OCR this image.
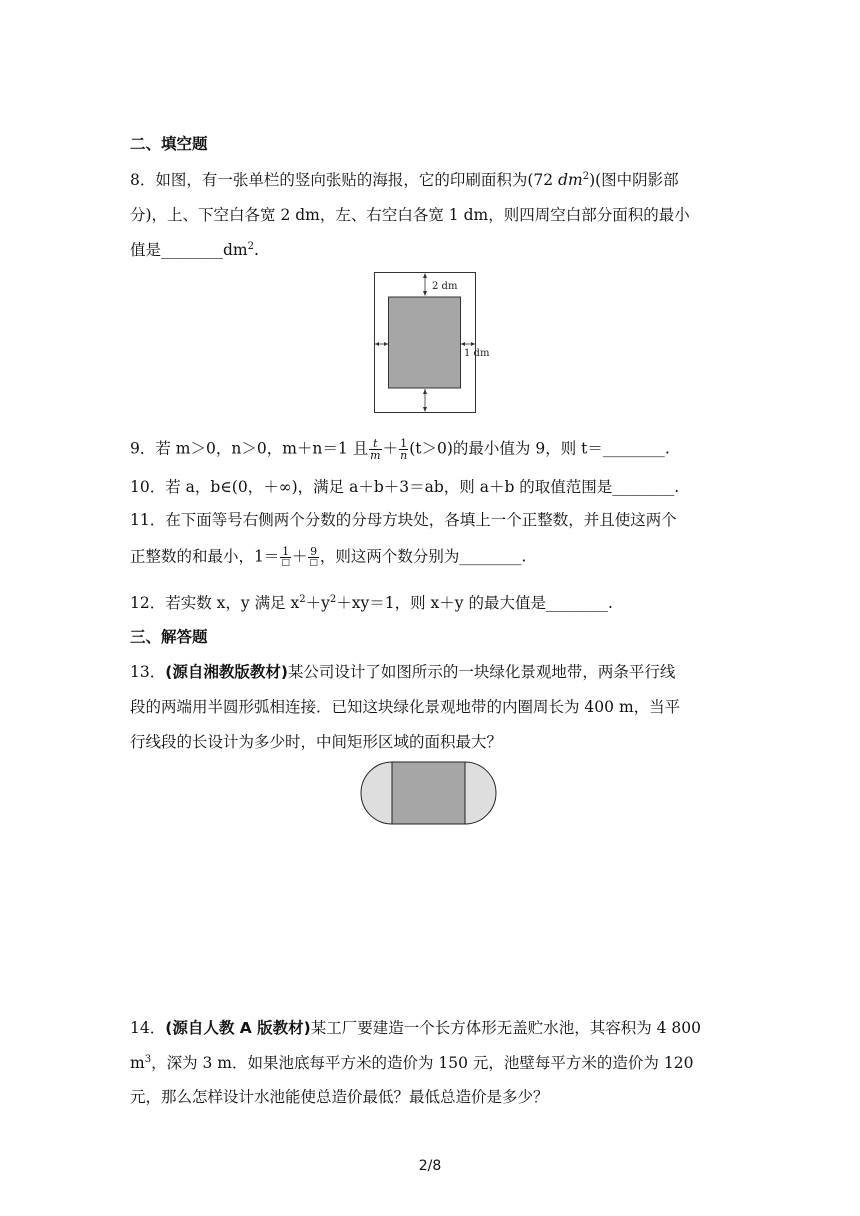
二、填空题
8．如图，有一张单栏的竖向张贴的海报，它的印刷面积为(72 $dm^2$)(图中阴影部
分)，上、下空白各宽 2 dm，左、右空白各宽 1 dm，则四周空白部分面积的最小
值是$\_\_\_\_\_\_\_\_dm^2$.
2 dm
1 dm
9．若 m＞0，n＞0，m＋n＝1 且 $\frac{t}{m} + \frac{1}{n} (t>0)$的最小值为 9，则 t＝________.
10．若 a，b∈(0，＋∞)，满足 a＋b＋3＝ab，则 a＋b 的取值范围是________.
11．在下面等号右侧两个分数的分母方块处，各填上一个正整数，并且使这两个
正整数的和最小，$1= \frac{1}{□} + \frac{9}{□}$ ，则这两个数分别为________.
12．若实数 x，y 满足 $x^2+y^2+xy=1$，则 x＋y 的最大值是________.
三、解答题
13．(源自湘教版教材)某公司设计了如图所示的一块绿化景观地带，两条平行线
段的两端用半圆形弧相连接．已知这块绿化景观地带的内圈周长为 400 m，当平
行线段的长设计为多少时，中间矩形区域的面积最大？
14．(源自人教 A 版教材)某工厂要建造一个长方体形无盖贮水池，其容积为 4 800
$m^3$，深为 3 m．如果池底每平方米的造价为 150 元，池壁每平方米的造价为 120
元，那么怎样设计水池能使总造价最低？最低总造价是多少？
2/8
